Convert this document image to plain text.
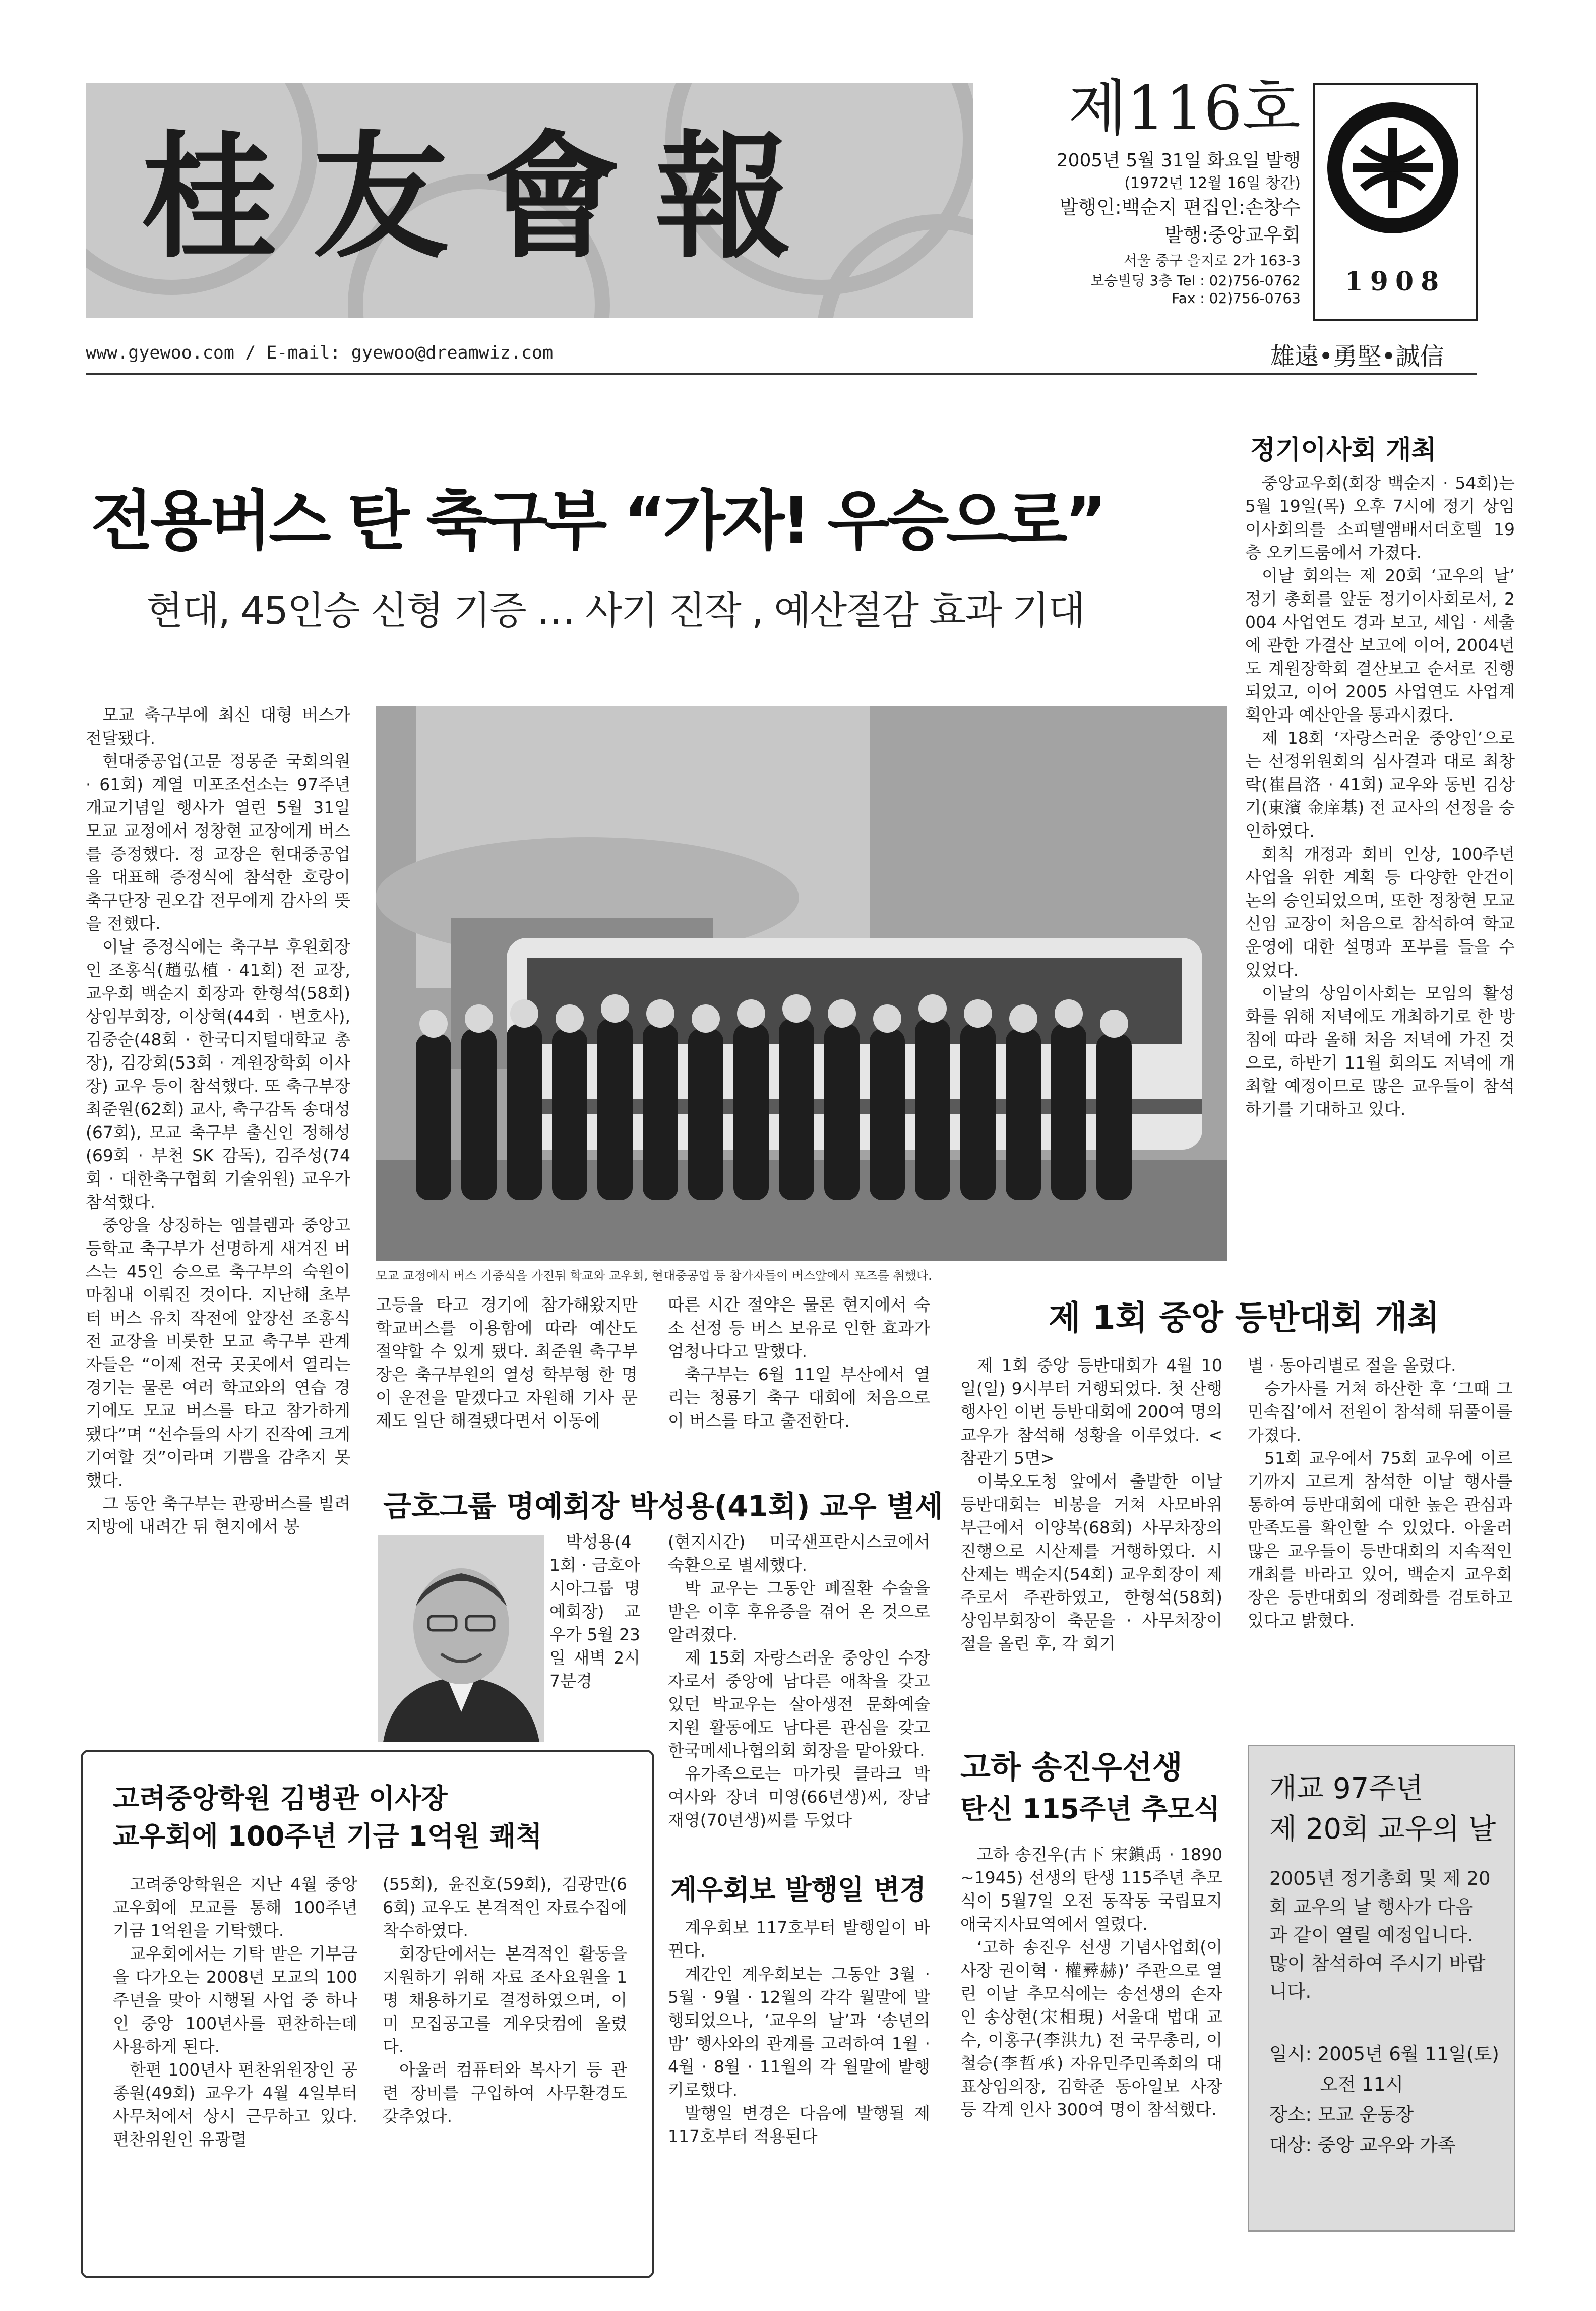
桂友會報
제116호
2005년 5월 31일 화요일 발행
(1972년 12월 16일 창간)
발행인:백순지 편집인:손창수
발행:중앙교우회
서울 중구 을지로 2가 163-3
보승빌딩 3층 Tel : 02)756-0762
Fax : 02)756-0763
1908
www.gyewoo.com / E-mail: gyewoo@dreamwiz.com	雄遠•勇堅•誠信
전용버스 탄 축구부 “가자! 우승으로”
현대, 45인승 신형 기증 … 사기 진작 , 예산절감 효과 기대
정기이사회 개최

중앙교우회(회장 백순지 · 54회)는 5월 19일(목) 오후 7시에 정기 상임이사회의를 소피텔앰배서더호텔 19층 오키드룸에서 가졌다.

이날 회의는 제 20회 ‘교우의 날’ 정기 총회를 앞둔 정기이사회로서, 2004 사업연도 경과 보고, 세입 · 세출에 관한 가결산 보고에 이어, 2004년도 계원장학회 결산보고 순서로 진행되었고, 이어 2005 사업연도 사업계획안과 예산안을 통과시켰다.

제 18회 ‘자랑스러운 중앙인’으로는 선정위원회의 심사결과 대로 최창락(崔昌洛 · 41회) 교우와 동빈 김상기(東濱 金庠基) 전 교사의 선정을 승인하였다.

회칙 개정과 회비 인상, 100주년 사업을 위한 계획 등 다양한 안건이 논의 승인되었으며, 또한 정창현 모교 신임 교장이 처음으로 참석하여 학교 운영에 대한 설명과 포부를 들을 수 있었다.

이날의 상임이사회는 모임의 활성화를 위해 저녁에도 개최하기로 한 방침에 따라 올해 처음 저녁에 가진 것으로, 하반기 11월 회의도 저녁에 개최할 예정이므로 많은 교우들이 참석하기를 기대하고 있다.

모교 축구부에 최신 대형 버스가 전달됐다.

현대중공업(고문 정몽준 국회의원 · 61회) 계열 미포조선소는 97주년 개교기념일 행사가 열린 5월 31일 모교 교정에서 정창현 교장에게 버스를 증정했다. 정 교장은 현대중공업을 대표해 증정식에 참석한 호랑이 축구단장 권오갑 전무에게 감사의 뜻을 전했다.

이날 증정식에는 축구부 후원회장인 조홍식(趙弘植 · 41회) 전 교장, 교우회 백순지 회장과 한형석(58회)상임부회장, 이상혁(44회 · 변호사), 김중순(48회 · 한국디지털대학교 총장), 김강회(53회 · 계원장학회 이사장) 교우 등이 참석했다. 또 축구부장 최준원(62회) 교사, 축구감독 송대성(67회), 모교 축구부 출신인 정해성(69회 · 부천 SK 감독), 김주성(74회 · 대한축구협회 기술위원) 교우가 참석했다.

중앙을 상징하는 엠블렘과 중앙고등학교 축구부가 선명하게 새겨진 버스는 45인 승으로 축구부의 숙원이 마침내 이뤄진 것이다. 지난해 초부터 버스 유치 작전에 앞장선 조홍식 전 교장을 비롯한 모교 축구부 관계자들은 “이제 전국 곳곳에서 열리는 경기는 물론 여러 학교와의 연습 경기에도 모교 버스를 타고 참가하게 됐다”며 “선수들의 사기 진작에 크게 기여할 것”이라며 기쁨을 감추지 못했다.

그 동안 축구부는 관광버스를 빌려 지방에 내려간 뒤 현지에서 봉

모교 교정에서 버스 기증식을 가진뒤 학교와 교우회, 현대중공업 등 참가자들이 버스앞에서 포즈를 취했다.

고등을 타고 경기에 참가해왔지만 학교버스를 이용함에 따라 예산도 절약할 수 있게 됐다. 최준원 축구부장은 축구부원의 열성 학부형 한 명이 운전을 맡겠다고 자원해 기사 문제도 일단 해결됐다면서 이동에

따른 시간 절약은 물론 현지에서 숙소 선정 등 버스 보유로 인한 효과가 엄청나다고 말했다.

축구부는 6월 11일 부산에서 열리는 청룡기 축구 대회에 처음으로 이 버스를 타고 출전한다.

제 1회 중앙 등반대회 개최

제 1회 중앙 등반대회가 4월 10일(일) 9시부터 거행되었다. 첫 산행 행사인 이번 등반대회에 200여 명의 교우가 참석해 성황을 이루었다. <참관기 5면>

이북오도청 앞에서 출발한 이날 등반대회는 비봉을 거쳐 사모바위 부근에서 이양복(68회) 사무차장의 진행으로 시산제를 거행하였다. 시산제는 백순지(54회) 교우회장이 제주로서 주관하였고, 한형석(58회) 상임부회장이 축문을 · 사무처장이 절을 올린 후, 각 회기

별 · 동아리별로 절을 올렸다.

승가사를 거쳐 하산한 후 ‘그때 그민속집’에서 전원이 참석해 뒤풀이를 가졌다.

51회 교우에서 75회 교우에 이르기까지 고르게 참석한 이날 행사를 통하여 등반대회에 대한 높은 관심과 만족도를 확인할 수 있었다. 아울러 많은 교우들이 등반대회의 지속적인 개최를 바라고 있어, 백순지 교우회장은 등반대회의 정례화를 검토하고 있다고 밝혔다.

금호그룹 명예회장 박성용(41회) 교우 별세

박성용(41회 · 금호아시아그룹 명예회장) 교우가 5월 23일 새벽 2시7분경

(현지시간) 미국샌프란시스코에서 숙환으로 별세했다.

박 교우는 그동안 폐질환 수술을 받은 이후 후유증을 겪어 온 것으로 알려졌다.

제 15회 자랑스러운 중앙인 수장자로서 중앙에 남다른 애착을 갖고 있던 박교우는 살아생전 문화예술 지원 활동에도 남다른 관심을 갖고 한국메세나협의회 회장을 맡아왔다.

유가족으로는 마가릿 클라크 박 여사와 장녀 미영(66년생)씨, 장남 재영(70년생)씨를 두었다

계우회보 발행일 변경

계우회보 117호부터 발행일이 바뀐다.

계간인 계우회보는 그동안 3월 · 5월 · 9월 · 12월의 각각 월말에 발행되었으나, ‘교우의 날’과 ‘송년의 밤’ 행사와의 관계를 고려하여 1월 · 4월 · 8월 · 11월의 각 월말에 발행키로했다.

발행일 변경은 다음에 발행될 제 117호부터 적용된다

고려중앙학원 김병관 이사장
교우회에 100주년 기금 1억원 쾌척

고려중앙학원은 지난 4월 중앙교우회에 모교를 통해 100주년 기금 1억원을 기탁했다.

교우회에서는 기탁 받은 기부금을 다가오는 2008년 모교의 100주년을 맞아 시행될 사업 중 하나인 중앙 100년사를 편찬하는데 사용하게 된다.

한편 100년사 편찬위원장인 공종원(49회) 교우가 4월 4일부터 사무처에서 상시 근무하고 있다. 편찬위원인 유광렬

(55회), 윤진호(59회), 김광만(66회) 교우도 본격적인 자료수집에 착수하였다.

회장단에서는 본격적인 활동을 지원하기 위해 자료 조사요원을 1명 채용하기로 결정하였으며, 이미 모집공고를 게우닷컴에 올렸다.

아울러 컴퓨터와 복사기 등 관련 장비를 구입하여 사무환경도 갖추었다.

고하 송진우선생
탄신 115주년 추모식

고하 송진우(古下 宋鎭禹 · 1890~1945) 선생의 탄생 115주년 추모식이 5월7일 오전 동작동 국립묘지 애국지사묘역에서 열렸다.

‘고하 송진우 선생 기념사업회(이사장 권이혁 · 權彛赫)’ 주관으로 열린 이날 추모식에는 송선생의 손자인 송상현(宋相現) 서울대 법대 교수, 이홍구(李洪九) 전 국무총리, 이철승(李哲承) 자유민주민족회의 대표상임의장, 김학준 동아일보 사장 등 각계 인사 300여 명이 참석했다.

개교 97주년
제 20회 교우의 날
2005년 정기총회 및 제 20회 교우의 날 행사가 다음과 같이 열릴 예정입니다. 많이 참석하여 주시기 바랍니다.
일시: 2005년 6월 11일(토)
오전 11시
장소: 모교 운동장
대상: 중앙 교우와 가족
